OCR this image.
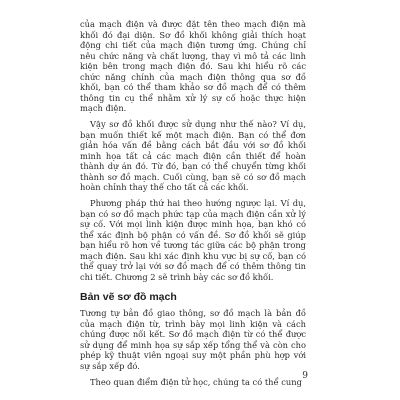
của mạch điện và được đặt tên theo mạch điện mà khối đó đại diện. Sơ đồ khối không giải thích hoạt động chi tiết của mạch điện tương ứng. Chúng chỉ nêu chức năng và chất lượng, thay vì mô tả các linh kiện bên trong mạch điện đó. Sau khi hiểu rõ các chức năng chính của mạch điện thông qua sơ đồ khối, bạn có thể tham khảo sơ đồ mạch để có thêm thông tin cụ thể nhằm xử lý sự cố hoặc thực hiện mạch điện.

Vậy sơ đồ khối được sử dụng như thế nào? Ví dụ, bạn muốn thiết kế một mạch điện. Bạn có thể đơn giản hóa vấn đề bằng cách bắt đầu với sơ đồ khối minh họa tất cả các mạch điện cần thiết để hoàn thành dự án đó. Từ đó, bạn có thể chuyển từng khối thành sơ đồ mạch. Cuối cùng, bạn sẽ có sơ đồ mạch hoàn chỉnh thay thế cho tất cả các khối.

Phương pháp thứ hai theo hướng ngược lại. Ví dụ, bạn có sơ đồ mạch phức tạp của mạch điện cần xử lý sự cố. Với mọi linh kiện được minh họa, bạn khó có thể xác định bộ phận có vấn đề. Sơ đồ khối sẽ giúp bạn hiểu rõ hơn về tương tác giữa các bộ phận trong mạch điện. Sau khi xác định khu vực bị sự cố, bạn có thể quay trở lại với sơ đồ mạch để có thêm thông tin chi tiết. Chương 2 sẽ trình bày các sơ đồ khối.

Bản vẽ sơ đồ mạch

Tương tự bản đồ giao thông, sơ đồ mạch là bản đồ của mạch điện từ, trình bày mọi linh kiện và cách chúng được nối kết. Sơ đồ mạch điện từ có thể được sử dụng để minh họa sự sắp xếp tổng thể và còn cho phép kỹ thuật viên ngoại suy một phần phù hợp với sự sắp xếp đó.

Theo quan điểm điện tử học, chúng ta có thể cung

9
